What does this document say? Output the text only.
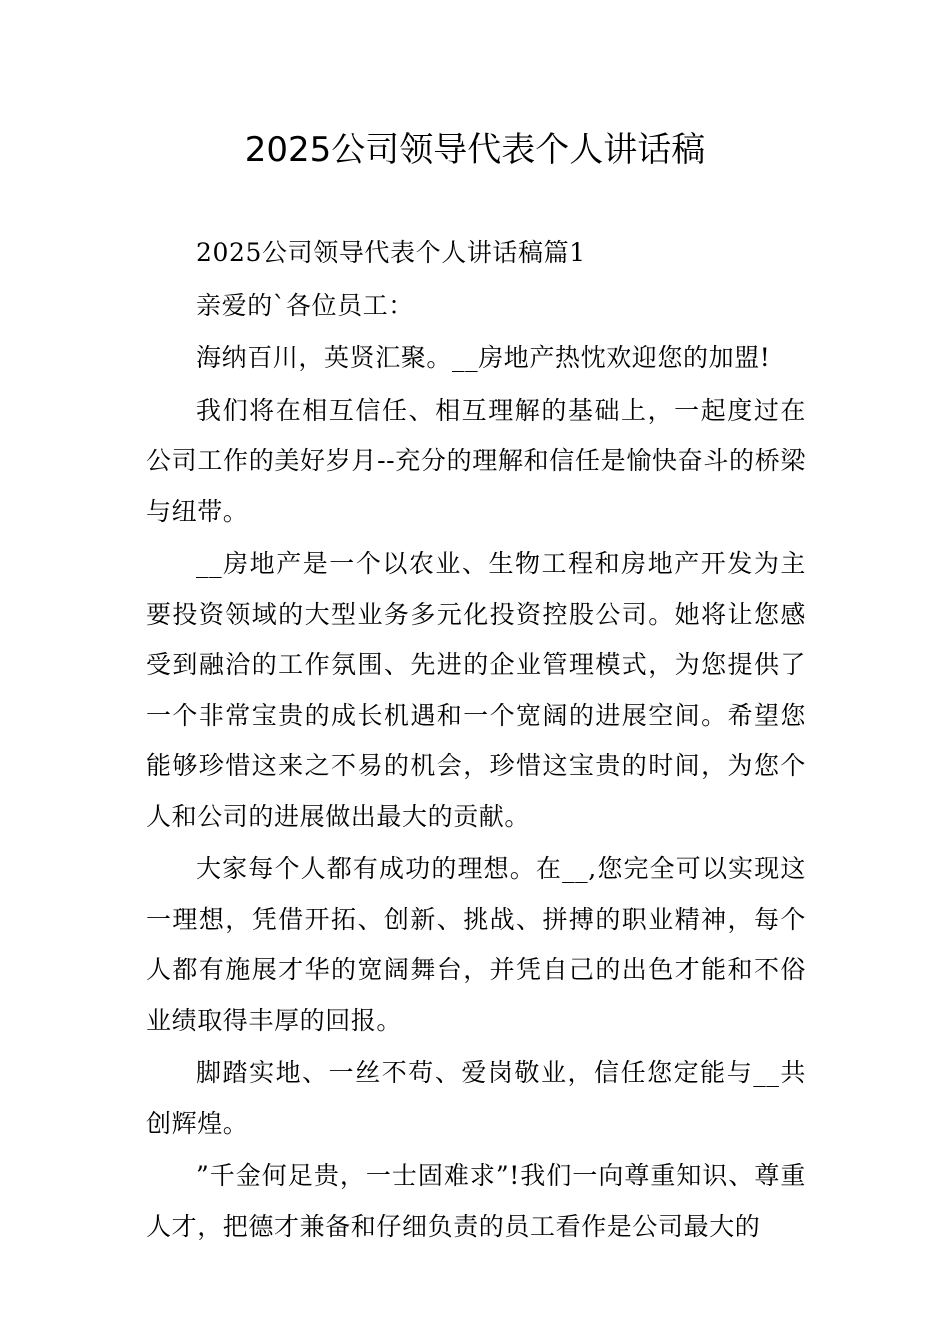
2025公司领导代表个人讲话稿

2025公司领导代表个人讲话稿篇1

亲爱的`各位员工：

海纳百川，英贤汇聚。__房地产热忱欢迎您的加盟!

我们将在相互信任、相互理解的基础上，一起度过在公司工作的美好岁月--充分的理解和信任是愉快奋斗的桥梁与纽带。

__房地产是一个以农业、生物工程和房地产开发为主要投资领域的大型业务多元化投资控股公司。她将让您感受到融洽的工作氛围、先进的企业管理模式，为您提供了一个非常宝贵的成长机遇和一个宽阔的进展空间。希望您能够珍惜这来之不易的机会，珍惜这宝贵的时间，为您个人和公司的进展做出最大的贡献。

大家每个人都有成功的理想。在__,您完全可以实现这一理想，凭借开拓、创新、挑战、拼搏的职业精神，每个人都有施展才华的宽阔舞台，并凭自己的出色才能和不俗业绩取得丰厚的回报。

脚踏实地、一丝不苟、爱岗敬业，信任您定能与__共创辉煌。

”千金何足贵，一士固难求”!我们一向尊重知识、尊重人才，把德才兼备和仔细负责的员工看作是公司最大的
